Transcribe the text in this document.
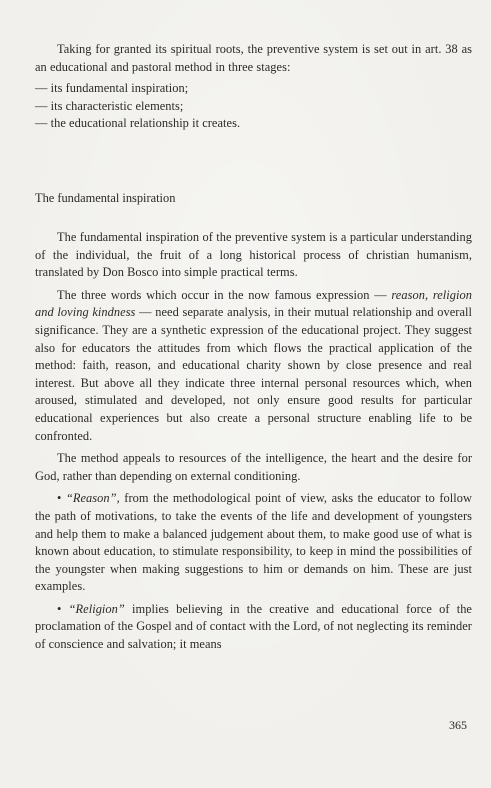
Taking for granted its spiritual roots, the preventive system is set out in art. 38 as an educational and pastoral method in three stages:

— its fundamental inspiration;

— its characteristic elements;

— the educational relationship it creates.

The fundamental inspiration

The fundamental inspiration of the preventive system is a particular understanding of the individual, the fruit of a long historical process of christian humanism, translated by Don Bosco into simple practical terms.

The three words which occur in the now famous expression — reason, religion and loving kindness — need separate analysis, in their mutual relationship and overall significance. They are a synthetic expression of the educational project. They suggest also for educators the attitudes from which flows the practical application of the method: faith, reason, and educational charity shown by close presence and real interest. But above all they indicate three internal personal resources which, when aroused, stimulated and developed, not only ensure good results for particular educational experiences but also create a personal structure enabling life to be confronted.

The method appeals to resources of the intelligence, the heart and the desire for God, rather than depending on external conditioning.

• “Reason”, from the methodological point of view, asks the educator to follow the path of motivations, to take the events of the life and development of youngsters and help them to make a balanced judgement about them, to make good use of what is known about education, to stimulate responsibility, to keep in mind the possibilities of the youngster when making suggestions to him or demands on him. These are just examples.

• “Religion” implies believing in the creative and educational force of the proclamation of the Gospel and of contact with the Lord, of not neglecting its reminder of conscience and salvation; it means

365
